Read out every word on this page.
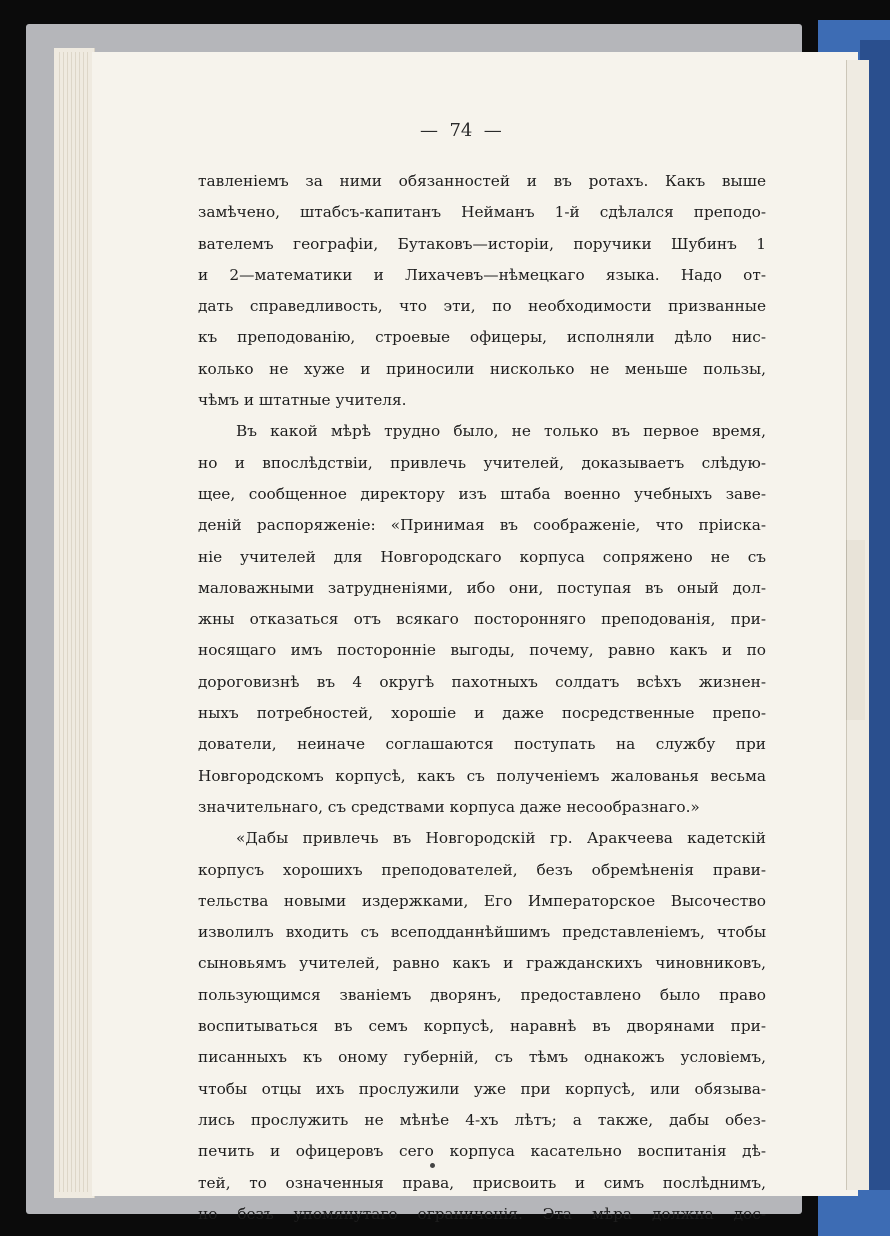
—  74  —
тавленіемъ за ними обязанностей и въ ротахъ. Какъ выше
замѣчено, штабсъ-капитанъ Нейманъ 1-й сдѣлался преподо-
вателемъ географіи, Бутаковъ—исторіи, поручики Шубинъ 1
и 2—математики и Лихачевъ—нѣмецкаго языка. Надо от-
дать справедливость, что эти, по необходимости призванные
къ преподованію, строевые офицеры, исполняли дѣло нис-
колько не хуже и приносили нисколько не меньше пользы,
чѣмъ и штатные учителя.
Въ какой мѣрѣ трудно было, не только въ первое время,
но и впослѣдствіи, привлечь учителей, доказываетъ слѣдую-
щее, сообщенное директору изъ штаба военно учебныхъ заве-
деній распоряженіе: «Принимая въ соображеніе, что пріиска-
ніе учителей для Новгородскаго корпуса сопряжено не съ
маловажными затрудненіями, ибо они, поступая въ оный дол-
жны отказаться отъ всякаго посторонняго преподованія, при-
носящаго имъ посторонніе выгоды, почему, равно какъ и по
дороговизнѣ въ 4 округѣ пахотныхъ солдатъ всѣхъ жизнен-
ныхъ потребностей, хорошіе и даже посредственные препо-
дователи, неиначе соглашаются поступать на службу при
Новгородскомъ корпусѣ, какъ съ полученіемъ жалованья весьма
значительнаго, съ средствами корпуса даже несообразнаго.»
«Дабы привлечь въ Новгородскій гр. Аракчеева кадетскій
корпусъ хорошихъ преподователей, безъ обремѣненія прави-
тельства новыми издержками, Его Императорское Высочество
изволилъ входить съ всеподданнѣйшимъ представленіемъ, чтобы
сыновьямъ учителей, равно какъ и гражданскихъ чиновниковъ,
пользующимся званіемъ дворянъ, предоставлено было право
воспитываться въ семъ корпусѣ, наравнѣ въ дворянами при-
писанныхъ къ оному губерній, съ тѣмъ однакожъ условіемъ,
чтобы отцы ихъ прослужили уже при корпусѣ, или обязыва-
лись прослужить не мѣнѣе 4-хъ лѣтъ; а также, дабы обез-
печить и офицеровъ сего корпуса касательно воспитанія дѣ-
тей, то означенныя права, присвоить и симъ послѣднимъ,
но безъ упомянутаго ограниченія. Эта мѣра должна дос-
